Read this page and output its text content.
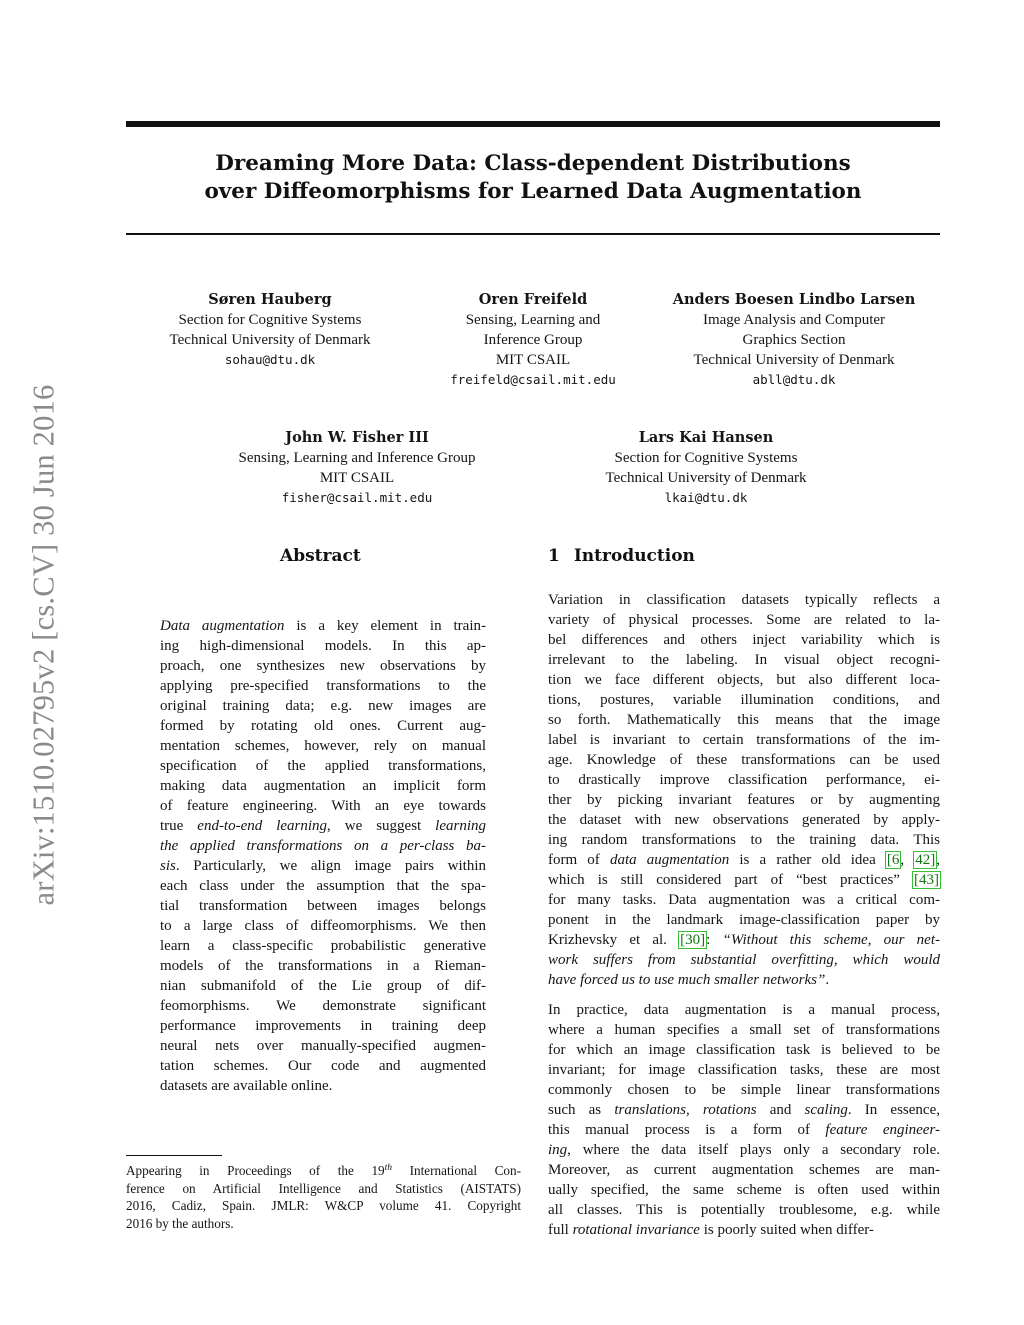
arXiv:1510.02795v2 [cs.CV] 30 Jun 2016
Dreaming More Data: Class-dependent Distributions
over Diffeomorphisms for Learned Data Augmentation
Søren Hauberg
Section for Cognitive Systems
Technical University of Denmark
sohau@dtu.dk
Oren Freifeld
Sensing, Learning and
Inference Group
MIT CSAIL
freifeld@csail.mit.edu
Anders Boesen Lindbo Larsen
Image Analysis and Computer
Graphics Section
Technical University of Denmark
abll@dtu.dk
John W. Fisher III
Sensing, Learning and Inference Group
MIT CSAIL
fisher@csail.mit.edu
Lars Kai Hansen
Section for Cognitive Systems
Technical University of Denmark
lkai@dtu.dk
Abstract
Data augmentation is a key element in train-
ing high-dimensional models. In this ap-
proach, one synthesizes new observations by
applying pre-specified transformations to the
original training data; e.g. new images are
formed by rotating old ones. Current aug-
mentation schemes, however, rely on manual
specification of the applied transformations,
making data augmentation an implicit form
of feature engineering. With an eye towards
true end-to-end learning, we suggest learning
the applied transformations on a per-class ba-
sis. Particularly, we align image pairs within
each class under the assumption that the spa-
tial transformation between images belongs
to a large class of diffeomorphisms. We then
learn a class-specific probabilistic generative
models of the transformations in a Rieman-
nian submanifold of the Lie group of dif-
feomorphisms. We demonstrate significant
performance improvements in training deep
neural nets over manually-specified augmen-
tation schemes. Our code and augmented
datasets are available online.
Appearing in Proceedings of the 19th International Con-
ference on Artificial Intelligence and Statistics (AISTATS)
2016, Cadiz, Spain. JMLR: W&CP volume 41. Copyright
2016 by the authors.
1 Introduction
Variation in classification datasets typically reflects a
variety of physical processes. Some are related to la-
bel differences and others inject variability which is
irrelevant to the labeling. In visual object recogni-
tion we face different objects, but also different loca-
tions, postures, variable illumination conditions, and
so forth. Mathematically this means that the image
label is invariant to certain transformations of the im-
age. Knowledge of these transformations can be used
to drastically improve classification performance, ei-
ther by picking invariant features or by augmenting
the dataset with new observations generated by apply-
ing random transformations to the training data. This
form of data augmentation is a rather old idea [6, 42],
which is still considered part of “best practices” [43]
for many tasks. Data augmentation was a critical com-
ponent in the landmark image-classification paper by
Krizhevsky et al. [30]: “Without this scheme, our net-
work suffers from substantial overfitting, which would
have forced us to use much smaller networks”.
In practice, data augmentation is a manual process,
where a human specifies a small set of transformations
for which an image classification task is believed to be
invariant; for image classification tasks, these are most
commonly chosen to be simple linear transformations
such as translations, rotations and scaling. In essence,
this manual process is a form of feature engineer-
ing, where the data itself plays only a secondary role.
Moreover, as current augmentation schemes are man-
ually specified, the same scheme is often used within
all classes. This is potentially troublesome, e.g. while
full rotational invariance is poorly suited when differ-
